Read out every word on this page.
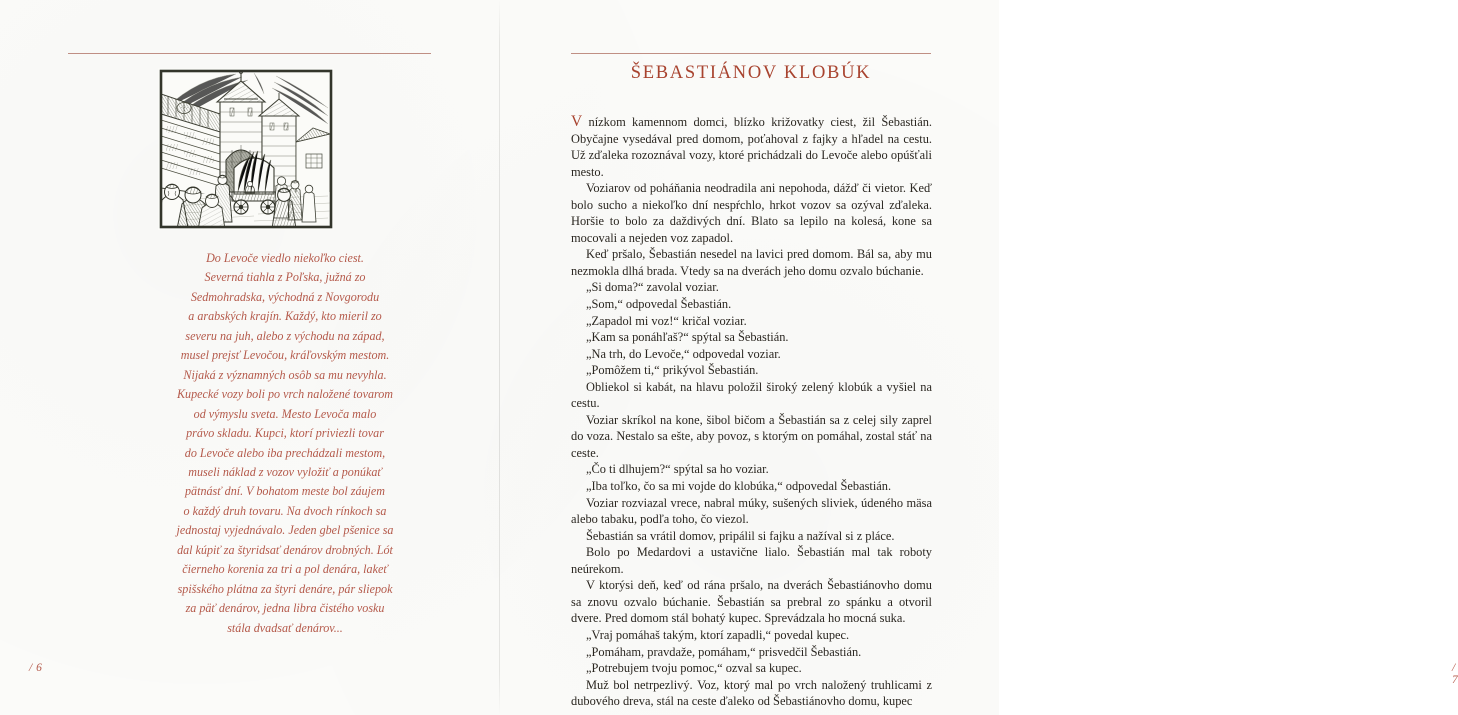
Do Levoče viedlo niekoľko ciest.

Severná tiahla z Poľska, južná zo

Sedmohradska, východná z Novgorodu

a arabských krajín. Každý, kto mieril zo

severu na juh, alebo z východu na západ,

musel prejsť Levočou, kráľovským mestom.

Nijaká z významných osôb sa mu nevyhla.

Kupecké vozy boli po vrch naložené tovarom

od výmyslu sveta. Mesto Levoča malo

právo skladu. Kupci, ktorí priviezli tovar

do Levoče alebo iba prechádzali mestom,

museli náklad z vozov vyložiť a ponúkať

pätnásť dní. V bohatom meste bol záujem

o každý druh tovaru. Na dvoch rínkoch sa

jednostaj vyjednávalo. Jeden gbel pšenice sa

dal kúpiť za štyridsať denárov drobných. Lót

čierneho korenia za tri a pol denára, lakeť

spišského plátna za štyri denáre, pár sliepok

za päť denárov, jedna libra čistého vosku

stála dvadsať denárov...

/ 6
ŠEBASTIÁNOV KLOBÚK

V nízkom kamennom domci, blízko križovatky ciest, žil Šebastián. Obyčajne vysedával pred domom, poťahoval z fajky a hľadel na cestu. Už zďaleka rozoznával vozy, ktoré prichádzali do Levoče alebo opúšťali mesto.

Voziarov od poháňania neodradila ani nepohoda, dážď či vietor. Keď bolo sucho a niekoľko dní nespŕchlo, hrkot vozov sa ozýval zďaleka. Horšie to bolo za daždivých dní. Blato sa lepilo na kolesá, kone sa mocovali a nejeden voz zapadol.

Keď pršalo, Šebastián nesedel na lavici pred domom. Bál sa, aby mu nezmokla dlhá brada. Vtedy sa na dverách jeho domu ozvalo búchanie.

„Si doma?“ zavolal voziar.

„Som,“ odpovedal Šebastián.

„Zapadol mi voz!“ kričal voziar.

„Kam sa ponáhľaš?“ spýtal sa Šebastián.

„Na trh, do Levoče,“ odpovedal voziar.

„Pomôžem ti,“ prikývol Šebastián.

Obliekol si kabát, na hlavu položil široký zelený klobúk a vyšiel na cestu.

Voziar skríkol na kone, šibol bičom a Šebastián sa z celej sily zaprel do voza. Nestalo sa ešte, aby povoz, s ktorým on pomáhal, zostal stáť na ceste.

„Čo ti dlhujem?“ spýtal sa ho voziar.

„Iba toľko, čo sa mi vojde do klobúka,“ odpovedal Šebastián.

Voziar rozviazal vrece, nabral múky, sušených sliviek, údeného mäsa alebo tabaku, podľa toho, čo viezol.

Šebastián sa vrátil domov, pripálil si fajku a nažíval si z pláce.

Bolo po Medardovi a ustavične lialo. Šebastián mal tak roboty neúrekom.

V ktorýsi deň, keď od rána pršalo, na dverách Šebastiánovho domu sa znovu ozvalo búchanie. Šebastián sa prebral zo spánku a otvoril dvere. Pred domom stál bohatý kupec. Sprevádzala ho mocná suka.

„Vraj pomáhaš takým, ktorí zapadli,“ povedal kupec.

„Pomáham, pravdaže, pomáham,“ prisvedčil Šebastián.

„Potrebujem tvoju pomoc,“ ozval sa kupec.

Muž bol netrpezlivý. Voz, ktorý mal po vrch naložený truhlicami z dubového dreva, stál na ceste ďaleko od Šebastiánovho domu, kupec

/ 7
